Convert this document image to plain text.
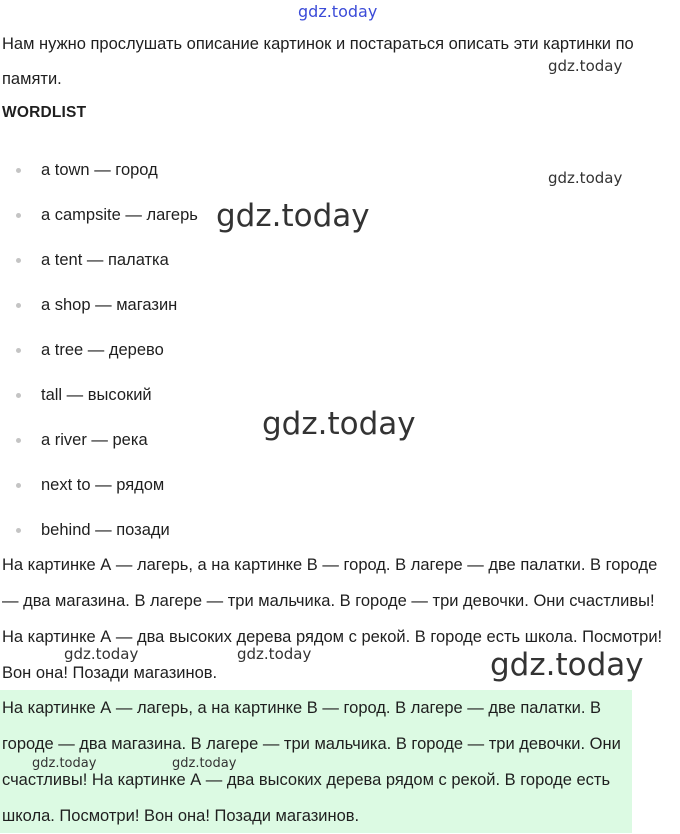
gdz.today
Нам нужно прослушать описание картинок и постараться описать эти картинки по памяти.
gdz.today
WORDLIST
gdz.today
a town — город
a campsite — лагерь
a tent — палатка
a shop — магазин
a tree — дерево
tall — высокий
a river — река
next to — рядом
behind — позади
gdz.today
gdz.today
На картинке А — лагерь, а на картинке В — город. В лагере — две палатки. В городе — два магазина. В лагере — три мальчика. В городе — три девочки. Они счастливы! На картинке А — два высоких дерева рядом с рекой. В городе есть школа. Посмотри! Вон она! Позади магазинов.
gdz.today	gdz.today	gdz.today
На картинке А — лагерь, а на картинке В — город. В лагере — две палатки. В городе — два магазина. В лагере — три мальчика. В городе — три девочки. Они счастливы! На картинке А — два высоких дерева рядом с рекой. В городе есть школа. Посмотри! Вон она! Позади магазинов.
gdz.today	gdz.today
